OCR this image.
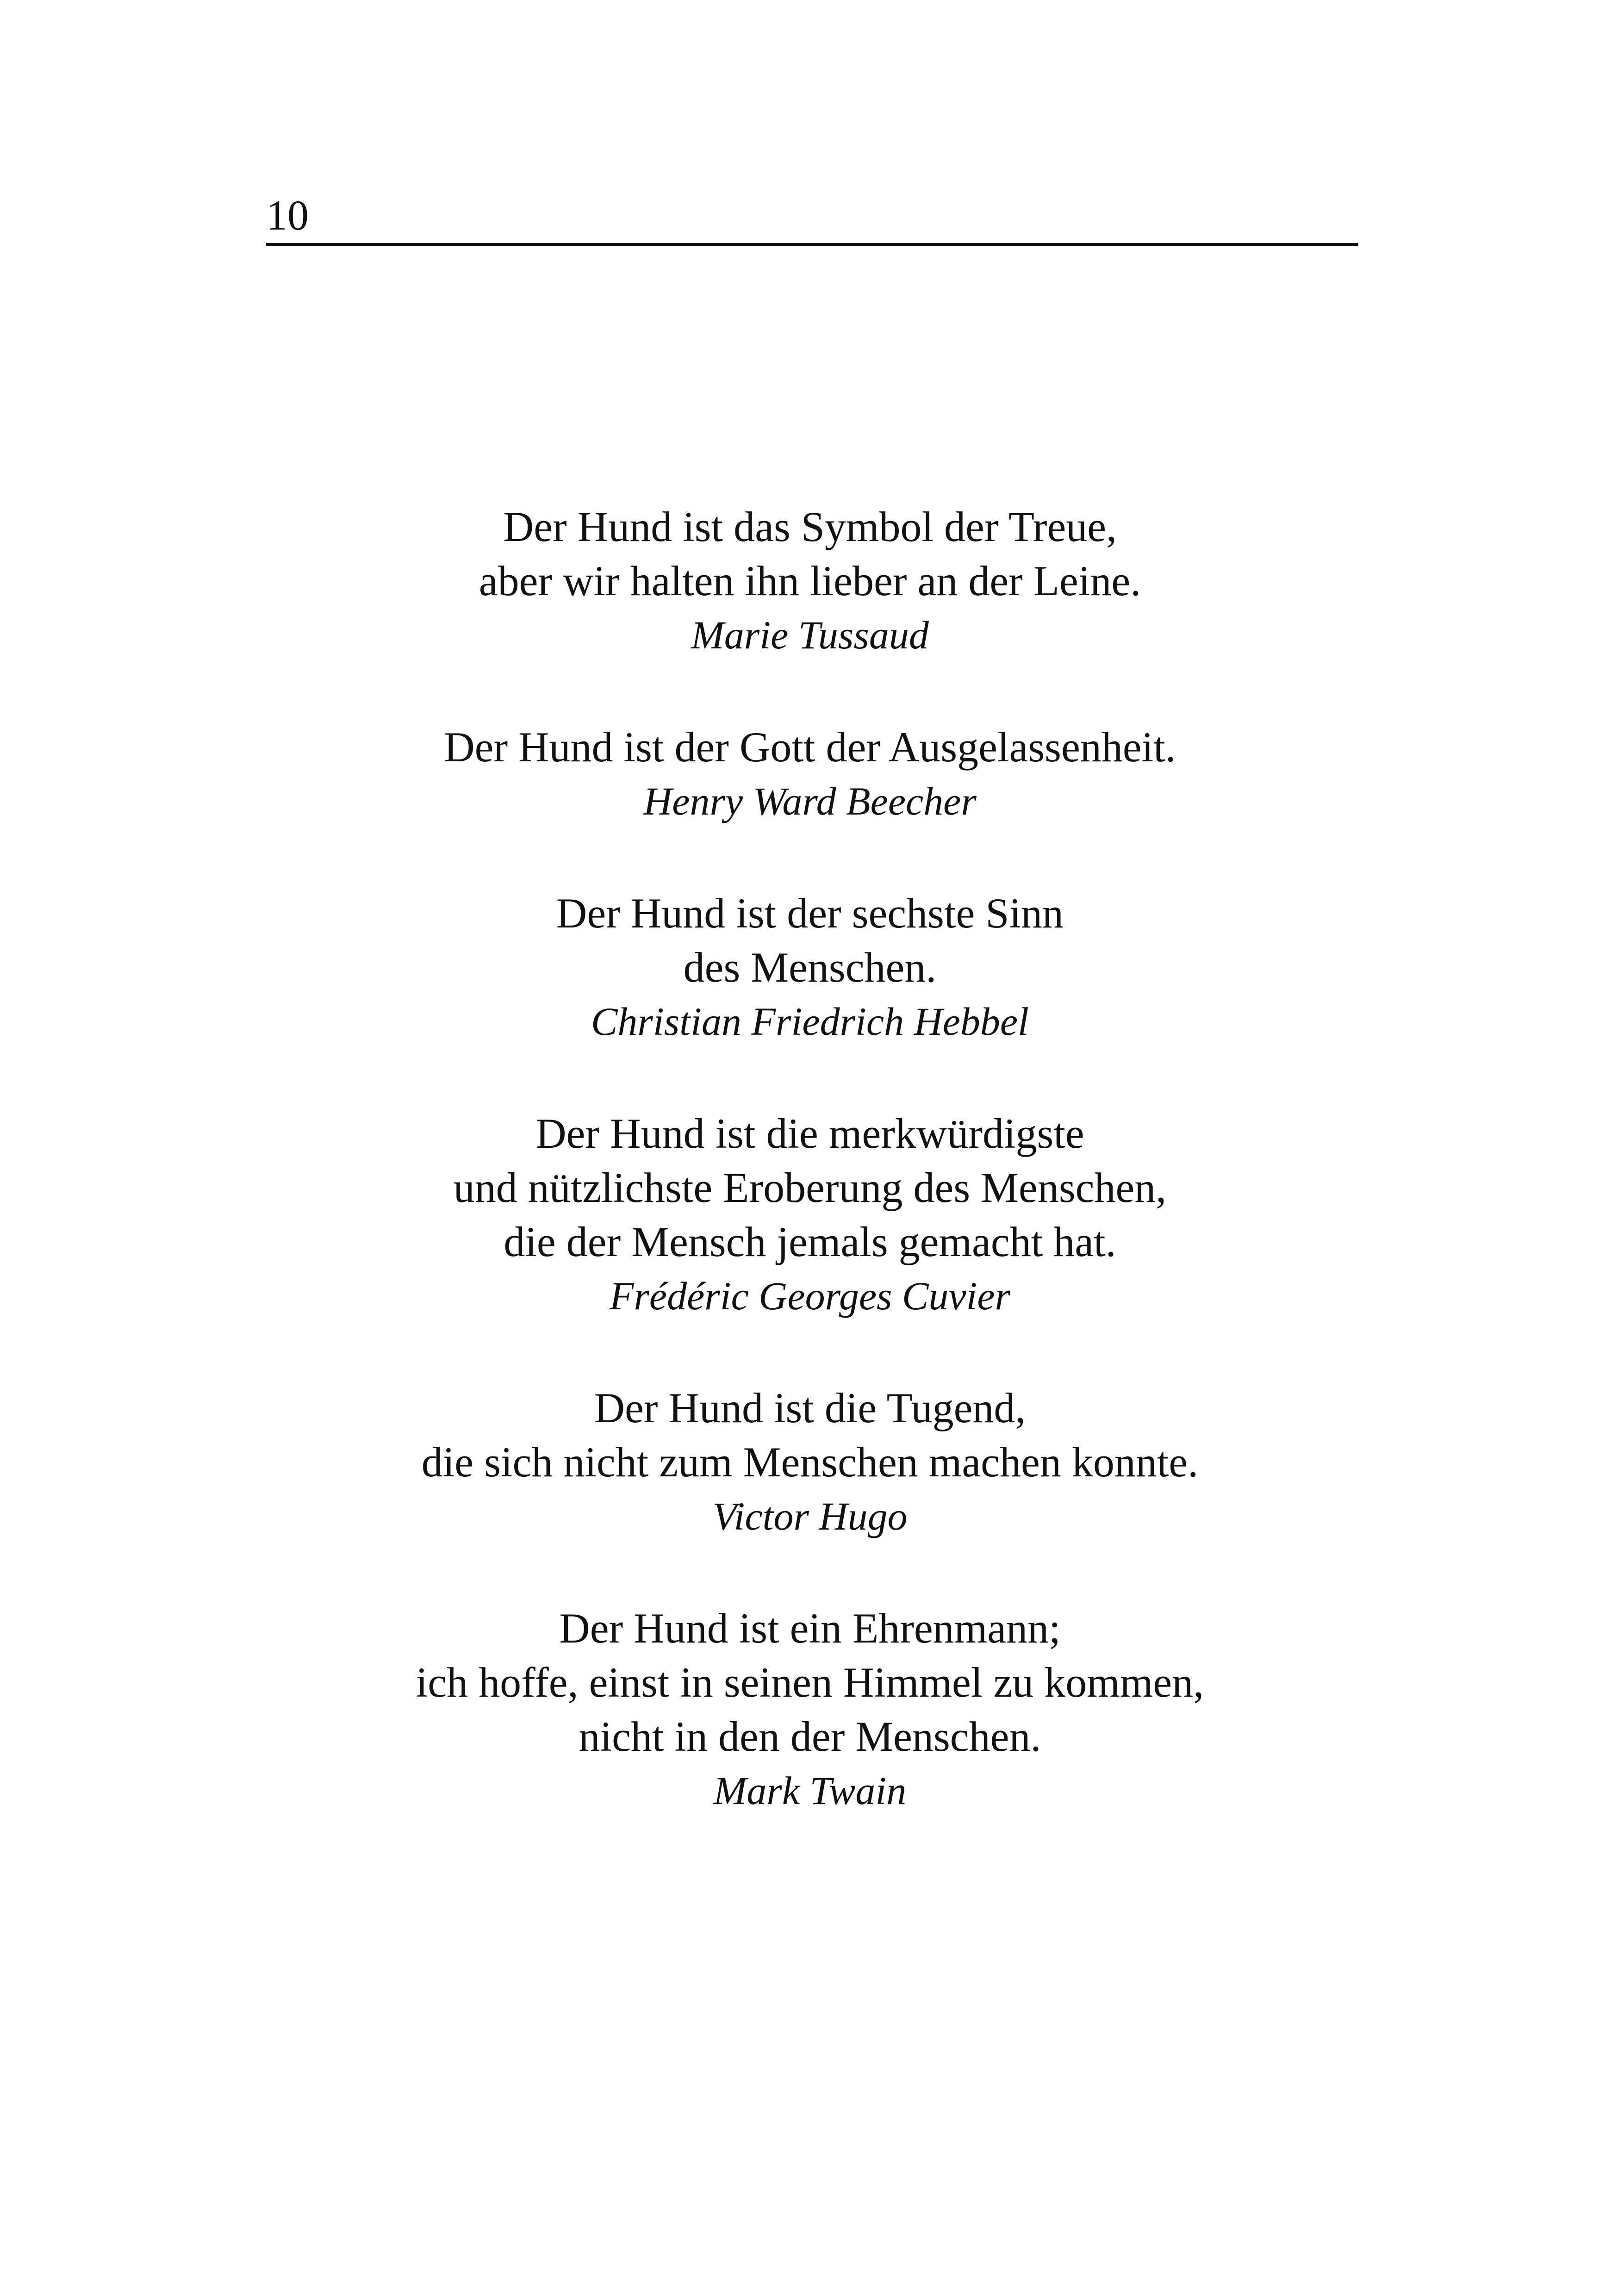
10
Der Hund ist das Symbol der Treue,
aber wir halten ihn lieber an der Leine.
Marie Tussaud
Der Hund ist der Gott der Ausgelassenheit.
Henry Ward Beecher
Der Hund ist der sechste Sinn
des Menschen.
Christian Friedrich Hebbel
Der Hund ist die merkwürdigste
und nützlichste Eroberung des Menschen,
die der Mensch jemals gemacht hat.
Frédéric Georges Cuvier
Der Hund ist die Tugend,
die sich nicht zum Menschen machen konnte.
Victor Hugo
Der Hund ist ein Ehrenmann;
ich hoffe, einst in seinen Himmel zu kommen,
nicht in den der Menschen.
Mark Twain
